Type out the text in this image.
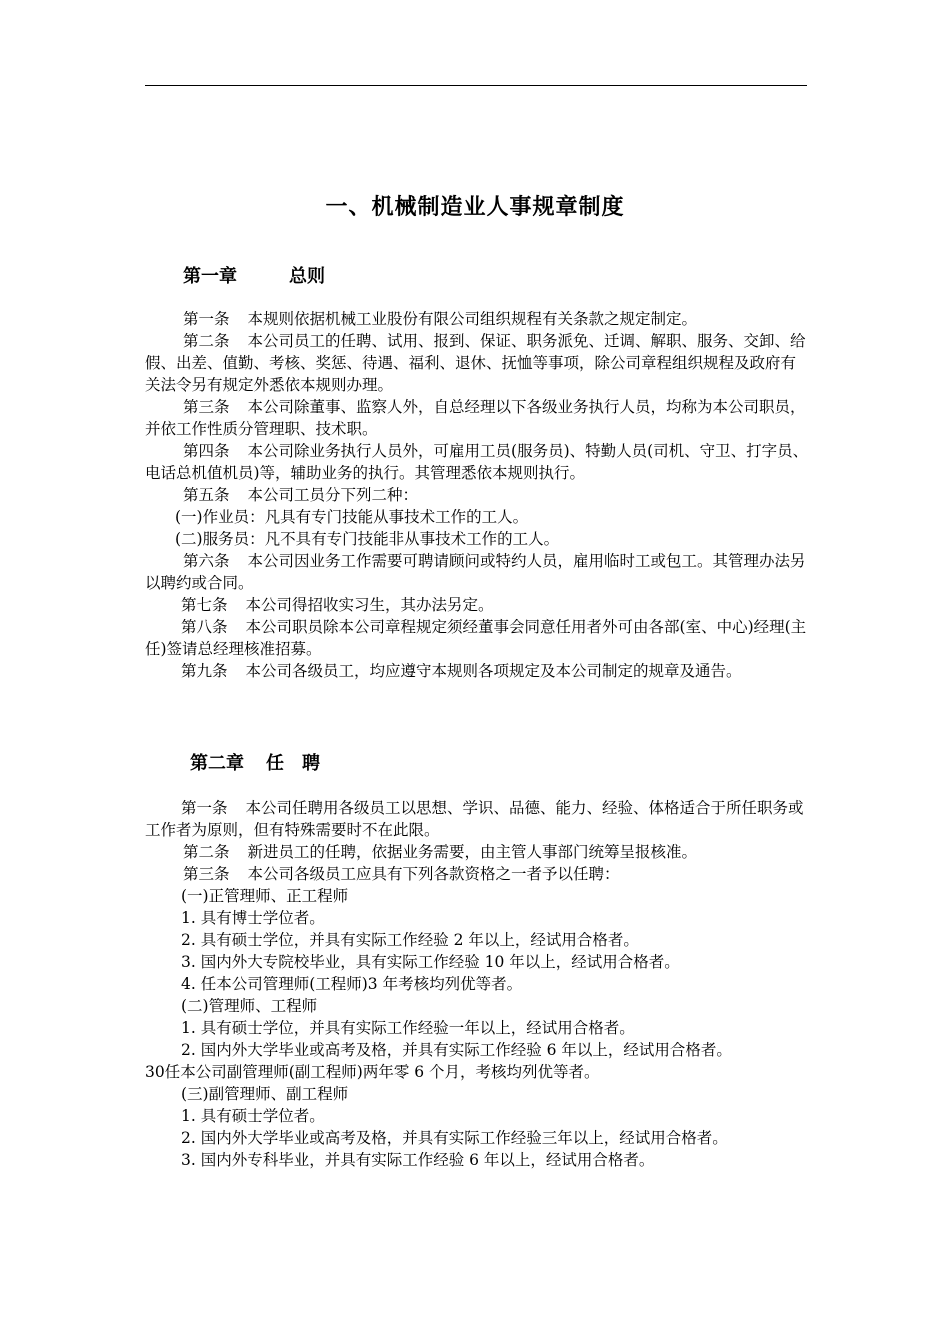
一、机械制造业人事规章制度
第一章	总则

第一条 本规则依据机械工业股份有限公司组织规程有关条款之规定制定。

第二条 本公司员工的任聘、试用、报到、保证、职务派免、迁调、解职、服务、交卸、给假、出差、值勤、考核、奖惩、待遇、福利、退休、抚恤等事项，除公司章程组织规程及政府有关法令另有规定外悉依本规则办理。

第三条 本公司除董事、监察人外，自总经理以下各级业务执行人员，均称为本公司职员，并依工作性质分管理职、技术职。

第四条 本公司除业务执行人员外，可雇用工员(服务员)、特勤人员(司机、守卫、打字员、电话总机值机员)等，辅助业务的执行。其管理悉依本规则执行。

第五条 本公司工员分下列二种：

(一)作业员：凡具有专门技能从事技术工作的工人。

(二)服务员：凡不具有专门技能非从事技术工作的工人。

第六条 本公司因业务工作需要可聘请顾问或特约人员，雇用临时工或包工。其管理办法另以聘约或合同。

第七条 本公司得招收实习生，其办法另定。

第八条 本公司职员除本公司章程规定须经董事会同意任用者外可由各部(室、中心)经理(主任)签请总经理核准招募。

第九条 本公司各级员工，均应遵守本规则各项规定及本公司制定的规章及通告。

第二章 任　聘

第一条 本公司任聘用各级员工以思想、学识、品德、能力、经验、体格适合于所任职务或工作者为原则，但有特殊需要时不在此限。

第二条 新进员工的任聘，依据业务需要，由主管人事部门统筹呈报核准。

第三条 本公司各级员工应具有下列各款资格之一者予以任聘：

(一)正管理师、正工程师

1. 具有博士学位者。

2. 具有硕士学位，并具有实际工作经验 2 年以上，经试用合格者。

3. 国内外大专院校毕业，具有实际工作经验 10 年以上，经试用合格者。

4. 任本公司管理师(工程师)3 年考核均列优等者。

(二)管理师、工程师

1. 具有硕士学位，并具有实际工作经验一年以上，经试用合格者。

2. 国内外大学毕业或高考及格，并具有实际工作经验 6 年以上，经试用合格者。

30任本公司副管理师(副工程师)两年零 6 个月，考核均列优等者。

(三)副管理师、副工程师

1. 具有硕士学位者。

2. 国内外大学毕业或高考及格，并具有实际工作经验三年以上，经试用合格者。

3. 国内外专科毕业，并具有实际工作经验 6 年以上，经试用合格者。
